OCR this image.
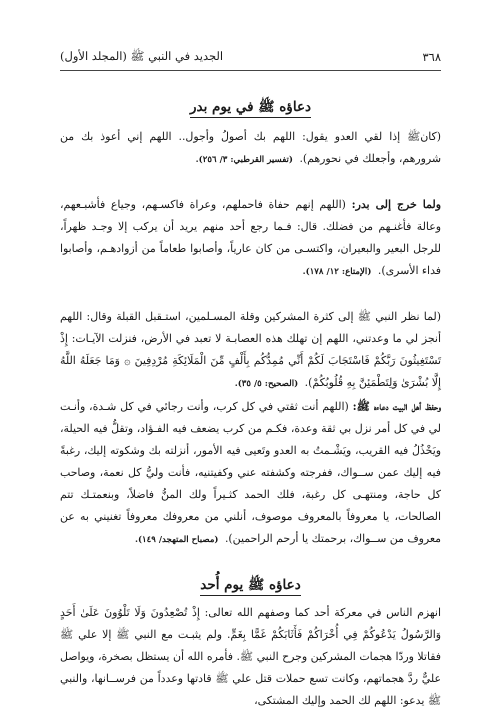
٣٦٨
الجديد في النبي ﷺ (المجلد الأول)
دعاؤه ﷺ في يوم بدر
(كانﷺ إذا لقي العدو يقول: اللهم بك أصولُ وأجول.. اللهم إني أعوذ بك من شرورهم، وأجعلك في نحورهم). (تفسير القرطبي: ٣/ ٢٥٦).
ولما خرج إلى بدر: (اللهم إنهم حفاة فاحملهم، وعراة فاكسـهم، وجياع فأشبـعهم، وعالة فأغنـهم من فضلك. قال: فـما رجع أحد منهم يريد أن يركب إلا وجـد ظهراً، للرجل البعير والبعيران، واكتسـى من كان عارياً، وأصابوا طعاماً من أزوادهـم، وأصابوا فداء الأسرى). (الإمتاع: ١٢/ ١٧٨).
(لما نظر النبي ﷺ إلى كثرة المشركين وقلة المسـلمين، استـقبل القبلة وقال: اللهم أنجز لي ما وعدتني، اللهم إن تهلك هذه العصابـة لا تعبد في الأرض، فنزلت الآيـات: إِذْ تَسْتَغِيثُونَ رَبَّكُمْ فَاسْتَجَابَ لَكُمْ أَنِّي مُمِدُّكُم بِأَلْفٍ مِّنَ الْمَلَائِكَةِ مُرْدِفِينَ ۞ وَمَا جَعَلَهُ اللَّهُ إِلَّا بُشْرَىٰ وَلِتَطْمَئِنَّ بِهِ قُلُوبُكُمْ). (الصحيح: ٥/ ٣٥).
وحفظ أهل البيت دعاءه ﷺ: (اللهم أنت ثقتي في كل كرب، وأنت رجائي في كل شـدة، وأنـت لي في كل أمر نزل بي ثقة وعدة، فكـم من كرب يضعف فيه الفـؤاد، وتقلُّ فيه الحيلة، ويَخْذُلُ فيه القريب، ويَشْـمتُ به العدو وتَعيى فيه الأمور، أنزلته بك وشكوته إليك، رغبةً فيه إليك عمن ســواك، ففرجته وكشفته عني وكفيتنيه، فأنت وليُّ كل نعمة، وصاحب كل حاجة، ومنتهـى كل رغبة، فلك الحمد كثـيراً ولك المنُّ فاضلاً، وبنعمتـك تتم الصالحات، يا معروفاً بالمعروف موصوف، أنلني من معروفك معروفاً تغنيني به عن معروف من ســواك، برحمتك يا أرحم الراحمين). (مصباح المتهجد/ ١٤٩).
دعاؤه ﷺ يوم أُحد
انهزم الناس في معركة أحد كما وصفهم الله تعالى: إِذْ تُصْعِدُونَ وَلَا تَلْوُونَ عَلَىٰ أَحَدٍ وَالرَّسُولُ يَدْعُوكُمْ فِي أُخْرَاكُمْ فَأَثَابَكُمْ غَمًّا بِغَمٍّ. ولم يثبـت مع النبي ﷺ إلا علي ﷺ فقاتلا وردّا هجمات المشركين وجرح النبي ﷺ. فأمره الله أن يستظل بصخرة، ويواصل عليٌّ ردَّ هجماتهم، وكانت تسع حملات قتل علي ﷺ قادتها وعدداً من فرســانها، والنبي ﷺ يدعو: اللهم لك الحمد وإليك المشتكى،
